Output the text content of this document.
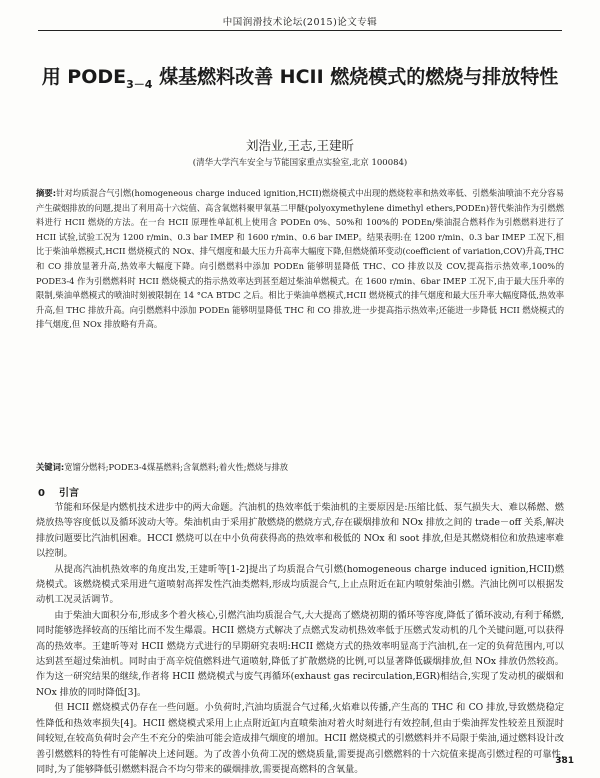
中国润滑技术论坛(2015)论文专辑
用 $PODE_{3-4}$ 煤基燃料改善 HCII 燃烧模式的燃烧与排放特性
刘浩业,王志,王建昕
(清华大学汽车安全与节能国家重点实验室,北京 100084)
摘要:针对均质混合气引燃(homogeneous charge induced ignition,HCII)燃烧模式中出现的燃烧粒率和热效率低、引燃柴油喷油不充分容易产生碳烟排放的问题,提出了利用高十六烷值、高含氧燃料聚甲氧基二甲醚(polyoxymethylene dimethyl ethers,PODEn)替代柴油作为引燃燃料进行 HCII 燃烧的方法。在一台 HCII 原理性单缸机上使用含 PODEn 0%、50%和 100%的 PODEn/柴油混合燃料作为引燃燃料进行了 HCII 试验,试验工况为 1200 r/min、0.3 bar IMEP 和 1600 r/min、0.6 bar IMEP。结果表明:在 1200 r/min、0.3 bar IMEP 工况下,相比于柴油单燃模式,HCII 燃烧模式的 NOx、排气烟度和最大压力升高率大幅度下降,但燃烧循环变动(coefficient of variation,COV)升高,THC 和 CO 排放显著升高,热效率大幅度下降。向引燃燃料中添加 PODEn 能够明显降低 THC、CO 排放以及 COV,提高指示热效率,100%的 PODE3-4 作为引燃燃料时 HCII 燃烧模式的指示热效率达到甚至超过柴油单燃模式。在 1600 r/min、6bar IMEP 工况下,由于最大压升率的限制,柴油单燃模式的喷油时刻被限制在 14 °CA BTDC 之后。相比于柴油单燃模式,HCII 燃烧模式的排气烟度和最大压升率大幅度降低,热效率升高,但 THC 排放升高。向引燃燃料中添加 PODEn 能够明显降低 THC 和 CO 排放,进一步提高指示热效率;还能进一步降低 HCII 燃烧模式的排气烟度,但 NOx 排放略有升高。
关键词:宽馏分燃料;PODE3-4煤基燃料;含氧燃料;着火性;燃烧与排放
0 引言

节能和环保是内燃机技术进步中的两大命题。汽油机的热效率低于柴油机的主要原因是:压缩比低、泵气损失大、难以稀燃、燃烧放热等容度低以及循环波动大等。柴油机由于采用扩散燃烧的燃烧方式,存在碳烟排放和 NOx 排放之间的 trade－off 关系,解决排放问题要比汽油机困难。HCCI 燃烧可以在中小负荷获得高的热效率和极低的 NOx 和 soot 排放,但是其燃烧相位和放热速率难以控制。

从提高汽油机热效率的角度出发,王建昕等[1-2]提出了均质混合气引燃(homogeneous charge induced ignition,HCII)燃烧模式。该燃烧模式采用进气道喷射高挥发性汽油类燃料,形成均质混合气,上止点附近在缸内喷射柴油引燃。汽油比例可以根据发动机工况灵活调节。

由于柴油大面积分布,形成多个着火核心,引燃汽油均质混合气,大大提高了燃烧初期的循环等容度,降低了循环波动,有利于稀燃,同时能够选择较高的压缩比而不发生爆震。HCII 燃烧方式解决了点燃式发动机热效率低于压燃式发动机的几个关键问题,可以获得高的热效率。王建昕等对 HCII 燃烧方式进行的早期研究表明:HCII 燃烧方式的热效率明显高于汽油机,在一定的负荷范围内,可以达到甚至超过柴油机。同时由于高辛烷值燃料进气道喷射,降低了扩散燃烧的比例,可以显著降低碳烟排放,但 NOx 排放仍然较高。作为这一研究结果的继续,作者将 HCII 燃烧模式与废气再循环(exhaust gas recirculation,EGR)相结合,实现了发动机的碳烟和 NOx 排放的同时降低[3]。

但 HCII 燃烧模式仍存在一些问题。小负荷时,汽油均质混合气过稀,火焰难以传播,产生高的 THC 和 CO 排放,导致燃烧稳定性降低和热效率损失[4]。HCII 燃烧模式采用上止点附近缸内直喷柴油对着火时刻进行有效控制,但由于柴油挥发性较差且预混时间较短,在较高负荷时会产生不充分的柴油可能会造成排气烟度的增加。HCII 燃烧模式的引燃燃料并不局限于柴油,通过燃料设计改善引燃燃料的特性有可能解决上述问题。为了改善小负荷工况的燃烧质量,需要提高引燃燃料的十六烷值来提高引燃过程的可靠性,同时,为了能够降低引燃燃料混合不均匀带来的碳烟排放,需要提高燃料的含氧量。

381
